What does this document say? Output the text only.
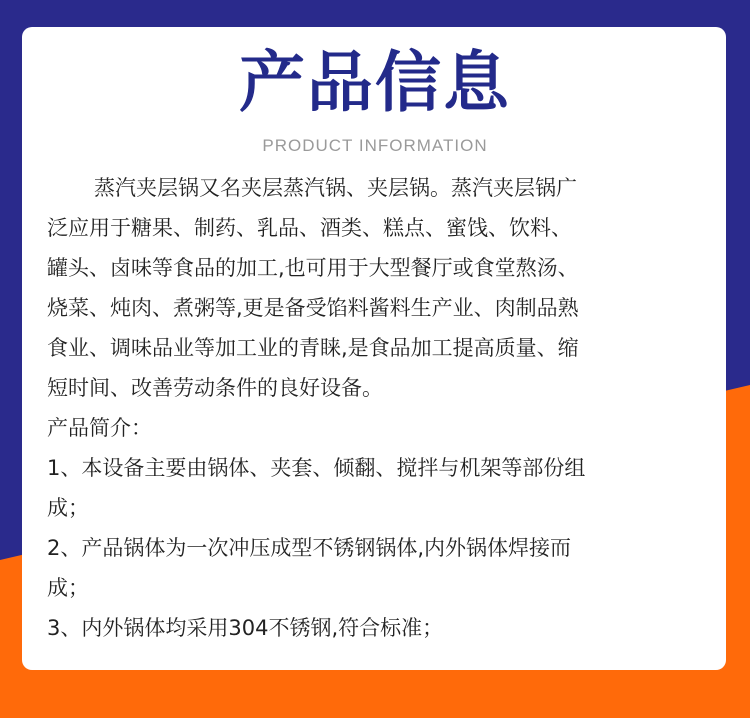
产品信息
PRODUCT INFORMATION
蒸汽夹层锅又名夹层蒸汽锅、夹层锅。蒸汽夹层锅广
泛应用于糖果、制药、乳品、酒类、糕点、蜜饯、饮料、
罐头、卤味等食品的加工,也可用于大型餐厅或食堂熬汤、
烧菜、炖肉、煮粥等,更是备受馅料酱料生产业、肉制品熟
食业、调味品业等加工业的青睐,是食品加工提高质量、缩
短时间、改善劳动条件的良好设备。
产品简介：
1、本设备主要由锅体、夹套、倾翻、搅拌与机架等部份组
成；
2、产品锅体为一次冲压成型不锈钢锅体,内外锅体焊接而
成；
3、内外锅体均采用304不锈钢,符合标准；
